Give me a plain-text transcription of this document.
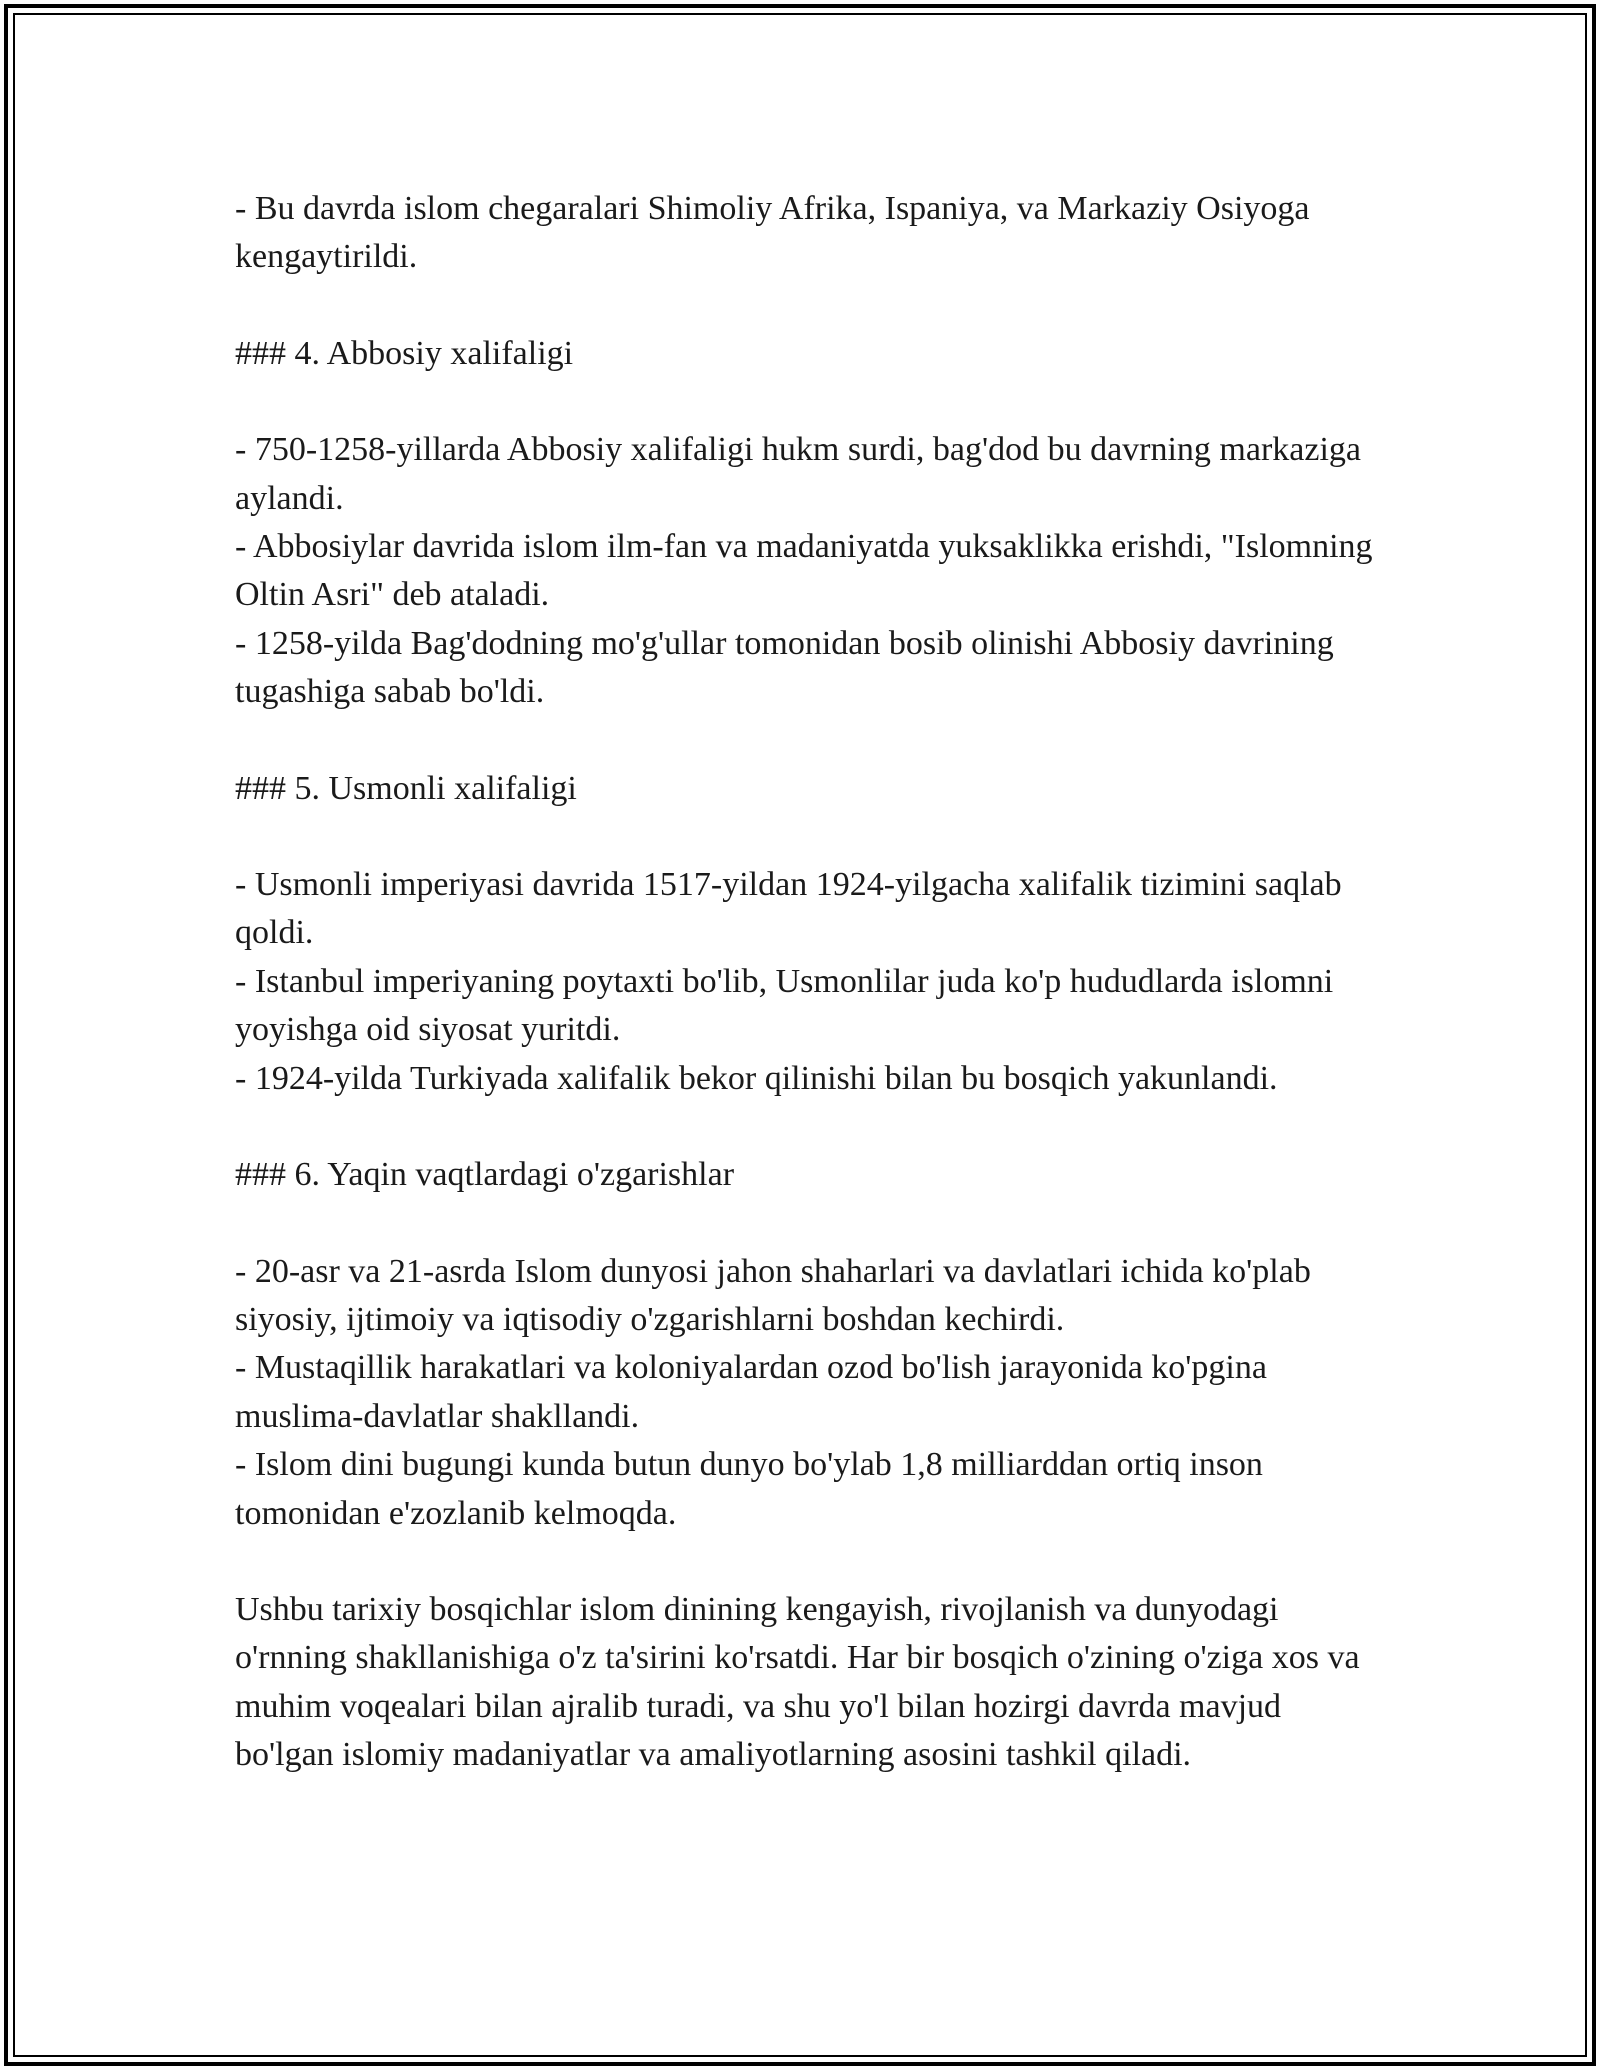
- Bu davrda islom chegaralari Shimoliy Afrika, Ispaniya, va Markaziy Osiyoga kengaytirildi.

### 4. Abbosiy xalifaligi

- 750-1258-yillarda Abbosiy xalifaligi hukm surdi, bag'dod bu davrning markaziga aylandi.

- Abbosiylar davrida islom ilm-fan va madaniyatda yuksaklikka erishdi, "Islomning Oltin Asri" deb ataladi.

- 1258-yilda Bag'dodning mo'g'ullar tomonidan bosib olinishi Abbosiy davrining tugashiga sabab bo'ldi.

### 5. Usmonli xalifaligi

- Usmonli imperiyasi davrida 1517-yildan 1924-yilgacha xalifalik tizimini saqlab qoldi.

- Istanbul imperiyaning poytaxti bo'lib, Usmonlilar juda ko'p hududlarda islomni yoyishga oid siyosat yuritdi.

- 1924-yilda Turkiyada xalifalik bekor qilinishi bilan bu bosqich yakunlandi.

### 6. Yaqin vaqtlardagi o'zgarishlar

- 20-asr va 21-asrda Islom dunyosi jahon shaharlari va davlatlari ichida ko'plab siyosiy, ijtimoiy va iqtisodiy o'zgarishlarni boshdan kechirdi.

- Mustaqillik harakatlari va koloniyalardan ozod bo'lish jarayonida ko'pgina muslima-davlatlar shakllandi.

- Islom dini bugungi kunda butun dunyo bo'ylab 1,8 milliarddan ortiq inson tomonidan e'zozlanib kelmoqda.

Ushbu tarixiy bosqichlar islom dinining kengayish, rivojlanish va dunyodagi o'rnning shakllanishiga o'z ta'sirini ko'rsatdi. Har bir bosqich o'zining o'ziga xos va muhim voqealari bilan ajralib turadi, va shu yo'l bilan hozirgi davrda mavjud bo'lgan islomiy madaniyatlar va amaliyotlarning asosini tashkil qiladi.
